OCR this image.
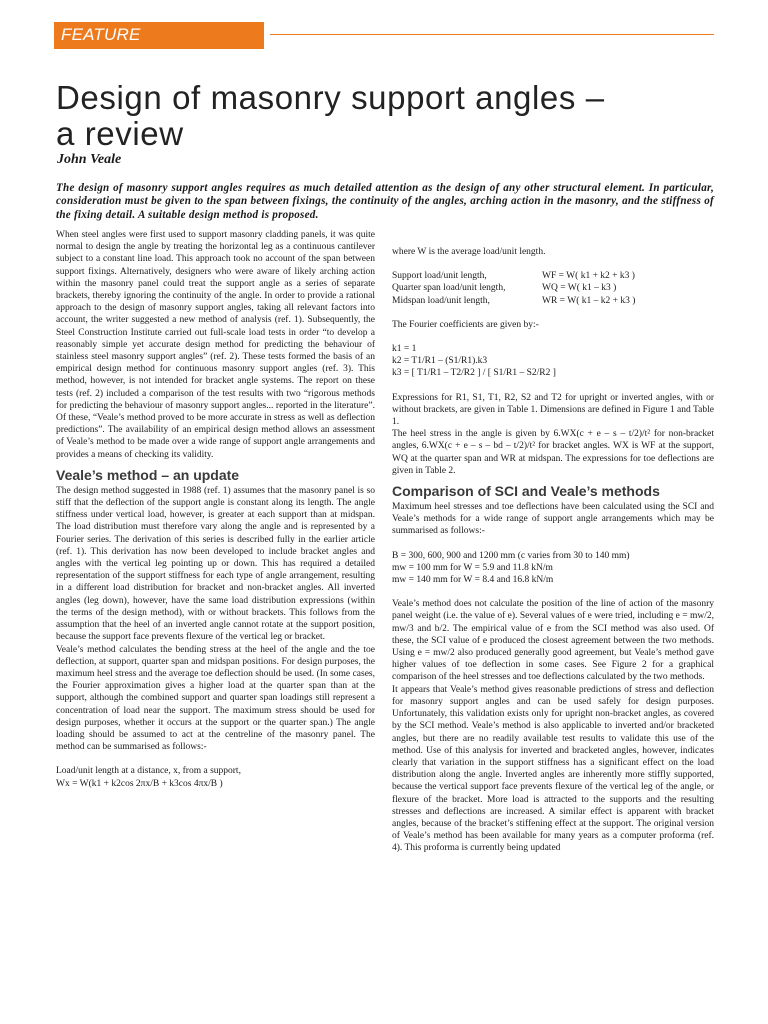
FEATURE
Design of masonry support angles –
a review
John Veale

The design of masonry support angles requires as much detailed attention as the design of any other structural element. In particular, consideration must be given to the span between fixings, the continuity of the angles, arching action in the masonry, and the stiffness of the fixing detail. A suitable design method is proposed.

When steel angles were first used to support masonry cladding panels, it was quite normal to design the angle by treating the horizontal leg as a continuous cantilever subject to a constant line load. This approach took no account of the span between support fixings. Alternatively, designers who were aware of likely arching action within the masonry panel could treat the support angle as a series of separate brackets, thereby ignoring the continuity of the angle. In order to provide a rational approach to the design of masonry support angles, taking all relevant factors into account, the writer suggested a new method of analysis (ref. 1). Subsequently, the Steel Construction Institute carried out full-scale load tests in order “to develop a reasonably simple yet accurate design method for predicting the behaviour of stainless steel masonry support angles” (ref. 2). These tests formed the basis of an empirical design method for continuous masonry support angles (ref. 3). This method, however, is not intended for bracket angle systems. The report on these tests (ref. 2) included a comparison of the test results with two “rigorous methods for predicting the behaviour of masonry support angles... reported in the literature”. Of these, “Veale’s method proved to be more accurate in stress as well as deflection predictions”. The availability of an empirical design method allows an assessment of Veale’s method to be made over a wide range of support angle arrangements and provides a means of checking its validity.

Veale’s method – an update

The design method suggested in 1988 (ref. 1) assumes that the masonry panel is so stiff that the deflection of the support angle is constant along its length. The angle stiffness under vertical load, however, is greater at each support than at midspan. The load distribution must therefore vary along the angle and is represented by a Fourier series. The derivation of this series is described fully in the earlier article (ref. 1). This derivation has now been developed to include bracket angles and angles with the vertical leg pointing up or down. This has required a detailed representation of the support stiffness for each type of angle arrangement, resulting in a different load distribution for bracket and non-bracket angles. All inverted angles (leg down), however, have the same load distribution expressions (within the terms of the design method), with or without brackets. This follows from the assumption that the heel of an inverted angle cannot rotate at the support position, because the support face prevents flexure of the vertical leg or bracket.

Veale’s method calculates the bending stress at the heel of the angle and the toe deflection, at support, quarter span and midspan positions. For design purposes, the maximum heel stress and the average toe deflection should be used. (In some cases, the Fourier approximation gives a higher load at the quarter span than at the support, although the combined support and quarter span loadings still represent a concentration of load near the support. The maximum stress should be used for design purposes, whether it occurs at the support or the quarter span.) The angle loading should be assumed to act at the centreline of the masonry panel. The method can be summarised as follows:-

Load/unit length at a distance, x, from a support,

Wx = W(k1 + k2cos 2πx/B + k3cos 4πx/B )

where W is the average load/unit length.

Support load/unit length,	WF = W( k1 + k2 + k3 )
Quarter span load/unit length,	WQ = W( k1 – k3 )
Midspan load/unit length,	WR = W( k1 – k2 + k3 )

The Fourier coefficients are given by:-

k1 = 1

k2 = T1/R1 – (S1/R1).k3

k3 = [ T1/R1 – T2/R2 ] / [ S1/R1 – S2/R2 ]

Expressions for R1, S1, T1, R2, S2 and T2 for upright or inverted angles, with or without brackets, are given in Table 1. Dimensions are defined in Figure 1 and Table 1.

The heel stress in the angle is given by 6.WX(c + e – s – t/2)/t² for non-bracket angles, 6.WX(c + e – s – bd – t/2)/t² for bracket angles. WX is WF at the support, WQ at the quarter span and WR at midspan. The expressions for toe deflections are given in Table 2.

Comparison of SCI and Veale’s methods

Maximum heel stresses and toe deflections have been calculated using the SCI and Veale’s methods for a wide range of support angle arrangements which may be summarised as follows:-

B = 300, 600, 900 and 1200 mm (c varies from 30 to 140 mm)

mw = 100 mm for W = 5.9 and 11.8 kN/m

mw = 140 mm for W = 8.4 and 16.8 kN/m

Veale’s method does not calculate the position of the line of action of the masonry panel weight (i.e. the value of e). Several values of e were tried, including e = mw/2, mw/3 and b/2. The empirical value of e from the SCI method was also used. Of these, the SCI value of e produced the closest agreement between the two methods. Using e = mw/2 also produced generally good agreement, but Veale’s method gave higher values of toe deflection in some cases. See Figure 2 for a graphical comparison of the heel stresses and toe deflections calculated by the two methods.

It appears that Veale’s method gives reasonable predictions of stress and deflection for masonry support angles and can be used safely for design purposes. Unfortunately, this validation exists only for upright non-bracket angles, as covered by the SCI method. Veale’s method is also applicable to inverted and/or bracketed angles, but there are no readily available test results to validate this use of the method. Use of this analysis for inverted and bracketed angles, however, indicates clearly that variation in the support stiffness has a significant effect on the load distribution along the angle. Inverted angles are inherently more stiffly supported, because the vertical support face prevents flexure of the vertical leg of the angle, or flexure of the bracket. More load is attracted to the supports and the resulting stresses and deflections are increased. A similar effect is apparent with bracket angles, because of the bracket’s stiffening effect at the support. The original version of Veale’s method has been available for many years as a computer proforma (ref. 4). This proforma is currently being updated
